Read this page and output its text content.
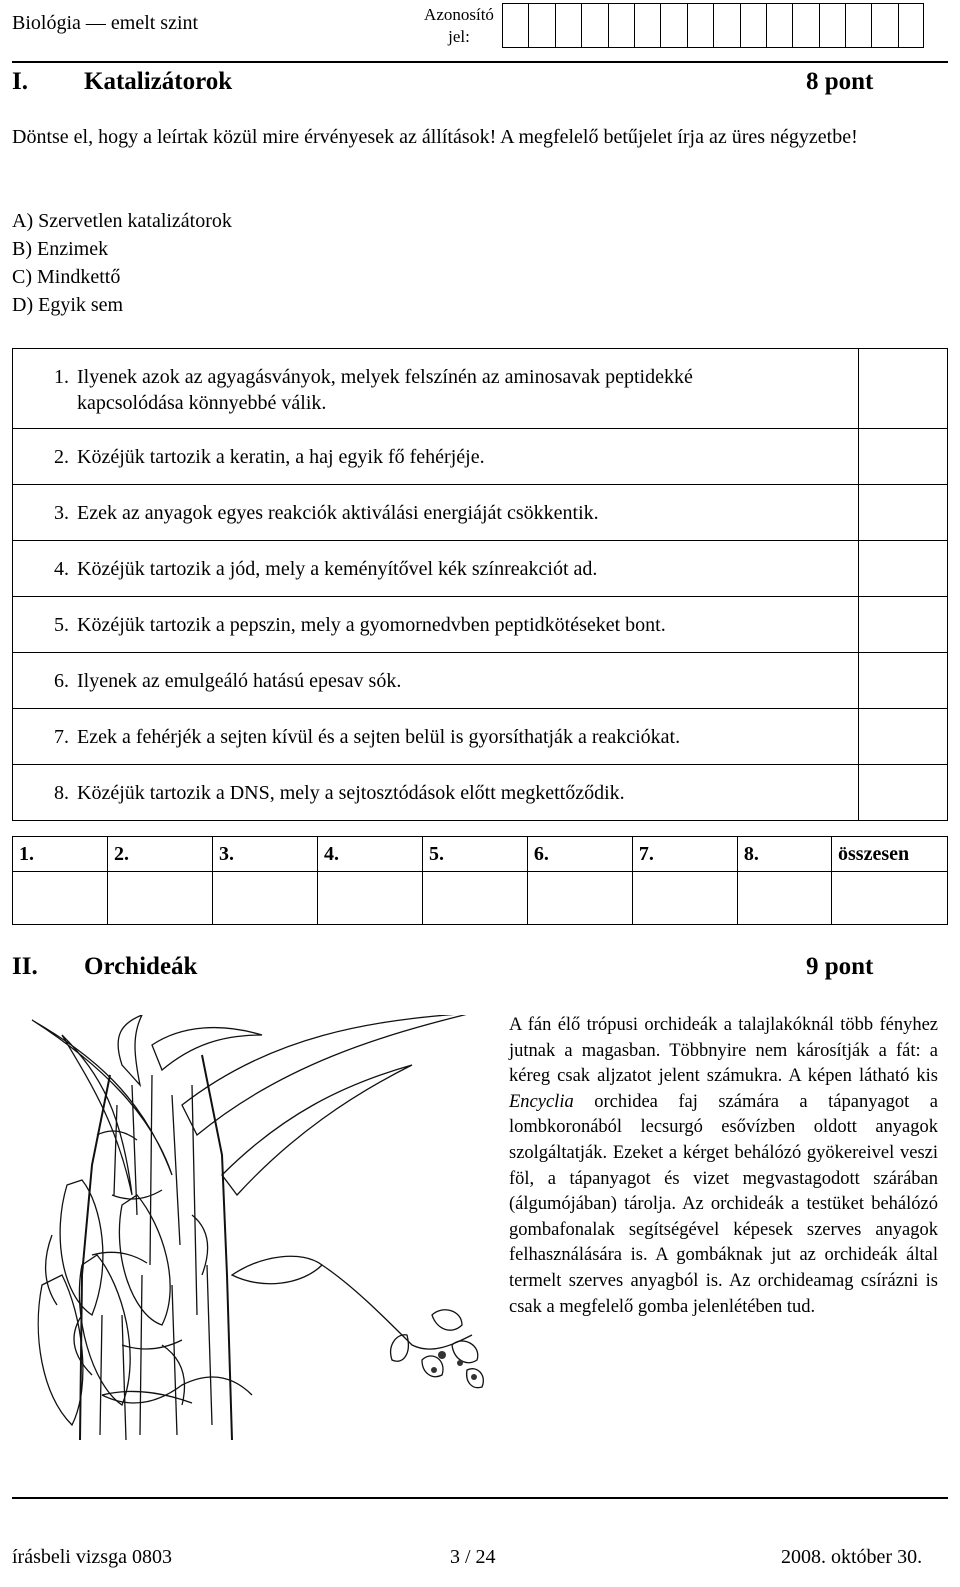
Biológia — emelt szint	Azonosító jel:
I. Katalizátorok	8 pont
Döntse el, hogy a leírtak közül mire érvényesek az állítások! A megfelelő betűjelet írja az üres négyzetbe!
A) Szervetlen katalizátorok
B) Enzimek
C) Mindkettő
D) Egyik sem
1. Ilyenek azok az agyagásványok, melyek felszínén az aminosavak peptidekké kapcsolódása könnyebbé válik.	
2. Közéjük tartozik a keratin, a haj egyik fő fehérjéje.	
3. Ezek az anyagok egyes reakciók aktiválási energiáját csökkentik.	
4. Közéjük tartozik a jód, mely a keményítővel kék színreakciót ad.	
5. Közéjük tartozik a pepszin, mely a gyomornedvben peptidkötéseket bont.	
6. Ilyenek az emulgeáló hatású epesav sók.	
7. Ezek a fehérjék a sejten kívül és a sejten belül is gyorsíthatják a reakciókat.	
8. Közéjük tartozik a DNS, mely a sejtosztódások előtt megkettőződik.	
1.	2.	3.	4.	5.	6.	7.	8.	összesen

II. Orchideák	9 pont
A fán élő trópusi orchideák a talajlakóknál több fényhez jutnak a magasban. Többnyire nem károsítják a fát: a kéreg csak aljzatot jelent számukra. A képen látható kis Encyclia orchidea faj számára a tápanyagot a lombkoronából lecsurgó esővízben oldott anyagok szolgáltatják. Ezeket a kérget behálózó gyökereivel veszi föl, a tápanyagot és vizet megvastagodott szárában (álgumójában) tárolja. Az orchideák a testüket behálózó gombafonalak segítségével képesek szerves anyagok felhasználására is. A gombáknak jut az orchideák által termelt szerves anyagból is. Az orchideamag csírázni is csak a megfelelő gomba jelenlétében tud.
írásbeli vizsga 0803	3 / 24	2008. október 30.
